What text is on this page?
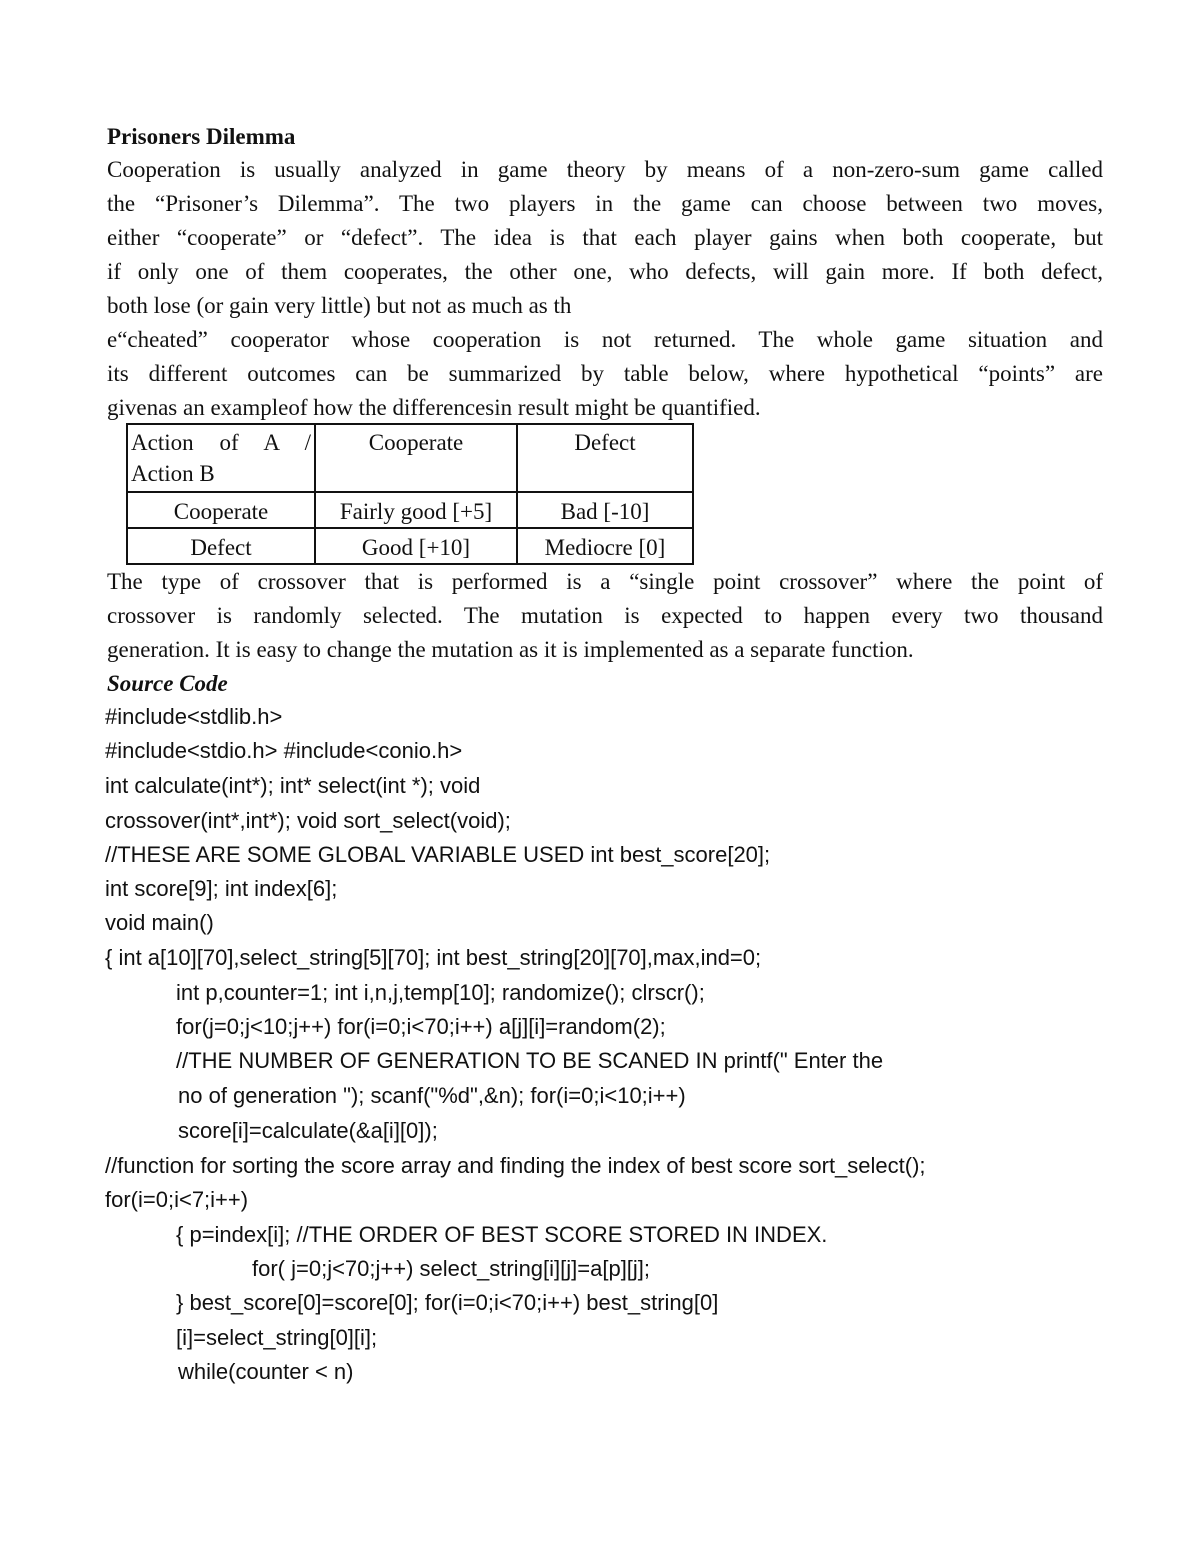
Prisoners Dilemma
Cooperation is usually analyzed in game theory by means of a non-zero-sum game called
the “Prisoner’s Dilemma”. The two players in the game can choose between two moves,
either “cooperate” or “defect”. The idea is that each player gains when both cooperate, but
if only one of them cooperates, the other one, who defects, will gain more. If both defect,
both lose (or gain very little) but not as much as th
e“cheated” cooperator whose cooperation is not returned. The whole game situation and
its different outcomes can be summarized by table below, where hypothetical “points” are
givenas an exampleof how the differencesin result might be quantified.
Action of A / Action B	Cooperate	Defect
Cooperate	Fairly good [+5]	Bad [-10]
Defect	Good [+10]	Mediocre [0]
The type of crossover that is performed is a “single point crossover” where the point of
crossover is randomly selected. The mutation is expected to happen every two thousand
generation. It is easy to change the mutation as it is implemented as a separate function.
Source Code
#include<stdlib.h>
#include<stdio.h> #include<conio.h>
int calculate(int*); int* select(int *); void
crossover(int*,int*); void sort_select(void);
//THESE ARE SOME GLOBAL VARIABLE USED int best_score[20];
int score[9]; int index[6];
void main()
{ int a[10][70],select_string[5][70]; int best_string[20][70],max,ind=0;
int p,counter=1; int i,n,j,temp[10]; randomize(); clrscr();
for(j=0;j<10;j++) for(i=0;i<70;i++) a[j][i]=random(2);
//THE NUMBER OF GENERATION TO BE SCANED IN printf(" Enter the
no of generation "); scanf("%d",&n); for(i=0;i<10;i++)
score[i]=calculate(&a[i][0]);
//function for sorting the score array and finding the index of best score sort_select();
for(i=0;i<7;i++)
{ p=index[i]; //THE ORDER OF BEST SCORE STORED IN INDEX.
for( j=0;j<70;j++) select_string[i][j]=a[p][j];
} best_score[0]=score[0]; for(i=0;i<70;i++) best_string[0]
[i]=select_string[0][i];
while(counter < n)
